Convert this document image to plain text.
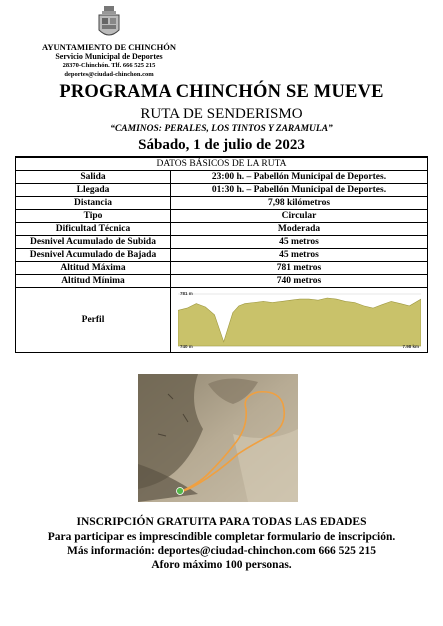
AYUNTAMIENTO DE CHINCHÓN
Servicio Municipal de Deportes
28370-Chinchón. Tlf. 666 525 215
deportes@ciudad-chinchon.com
PROGRAMA CHINCHÓN SE MUEVE
RUTA DE SENDERISMO
“CAMINOS: PERALES, LOS TINTOS Y ZARAMULA”
Sábado, 1 de julio de 2023
DATOS BÁSICOS DE LA RUTA	
Salida	23:00 h. – Pabellón Municipal de Deportes.
Llegada	01:30 h. – Pabellón Municipal de Deportes.
Distancia	7,98 kilómetros
Tipo	Circular
Dificultad Técnica	Moderada
Desnivel Acumulado de Subida	45 metros
Desnivel Acumulado de Bajada	45 metros
Altitud Máxima	781 metros
Altitud Mínima	740 metros
Perfil	781 m
740 m 7.98 km
INSCRIPCIÓN GRATUITA PARA TODAS LAS EDADES
Para participar es imprescindible completar formulario de inscripción.
Más información: deportes@ciudad-chinchon.com 666 525 215
Aforo máximo 100 personas.
